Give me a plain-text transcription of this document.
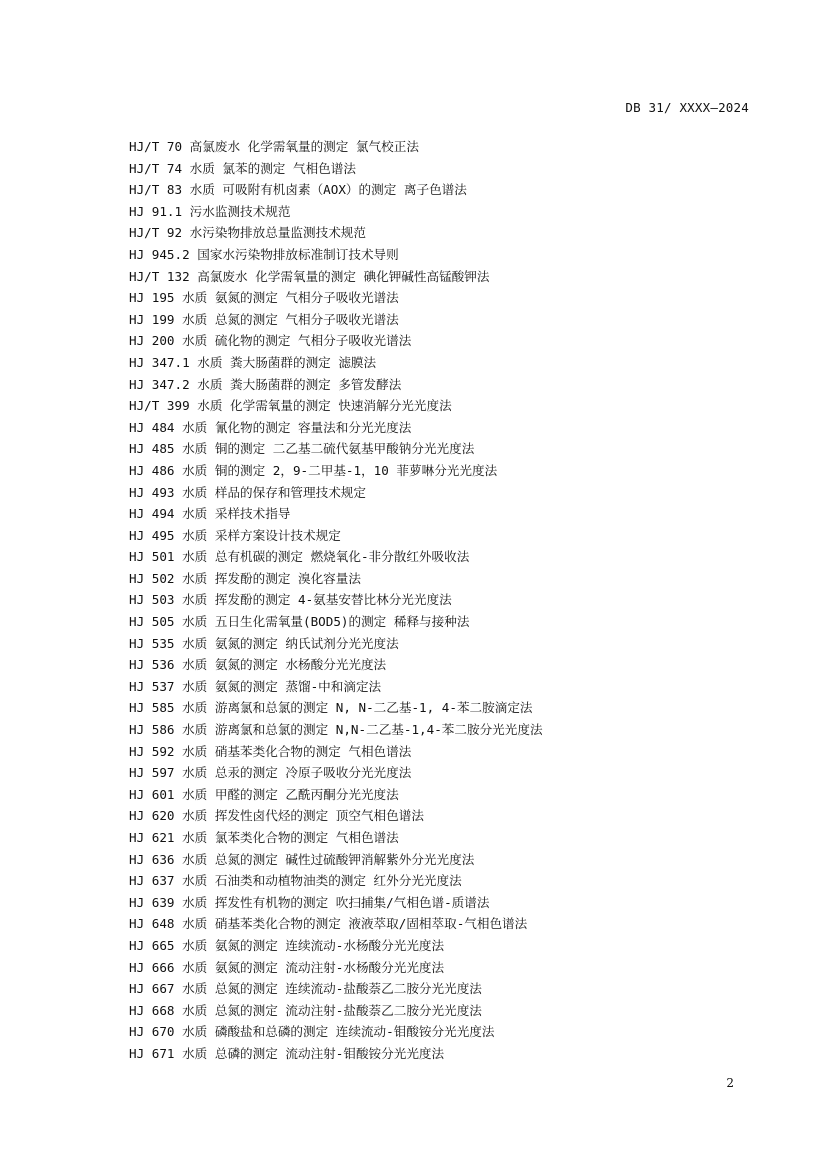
DB 31/ XXXX—2024
HJ/T 70 高氯废水 化学需氧量的测定 氯气校正法
HJ/T 74 水质 氯苯的测定 气相色谱法
HJ/T 83 水质 可吸附有机卤素（AOX）的测定 离子色谱法
HJ 91.1 污水监测技术规范
HJ/T 92 水污染物排放总量监测技术规范
HJ 945.2 国家水污染物排放标准制订技术导则
HJ/T 132 高氯废水 化学需氧量的测定 碘化钾碱性高锰酸钾法
HJ 195 水质 氨氮的测定 气相分子吸收光谱法
HJ 199 水质 总氮的测定 气相分子吸收光谱法
HJ 200 水质 硫化物的测定 气相分子吸收光谱法
HJ 347.1 水质 粪大肠菌群的测定 滤膜法
HJ 347.2 水质 粪大肠菌群的测定 多管发酵法
HJ/T 399 水质 化学需氧量的测定 快速消解分光光度法
HJ 484 水质 氰化物的测定 容量法和分光光度法
HJ 485 水质 铜的测定 二乙基二硫代氨基甲酸钠分光光度法
HJ 486 水质 铜的测定 2，9-二甲基-1，10 菲萝啉分光光度法
HJ 493 水质 样品的保存和管理技术规定
HJ 494 水质 采样技术指导
HJ 495 水质 采样方案设计技术规定
HJ 501 水质 总有机碳的测定 燃烧氧化-非分散红外吸收法
HJ 502 水质 挥发酚的测定 溴化容量法
HJ 503 水质 挥发酚的测定 4-氨基安替比林分光光度法
HJ 505 水质 五日生化需氧量(BOD5)的测定 稀释与接种法
HJ 535 水质 氨氮的测定 纳氏试剂分光光度法
HJ 536 水质 氨氮的测定 水杨酸分光光度法
HJ 537 水质 氨氮的测定 蒸馏-中和滴定法
HJ 585 水质 游离氯和总氯的测定 N, N-二乙基-1, 4-苯二胺滴定法
HJ 586 水质 游离氯和总氯的测定 N,N-二乙基-1,4-苯二胺分光光度法
HJ 592 水质 硝基苯类化合物的测定 气相色谱法
HJ 597 水质 总汞的测定 冷原子吸收分光光度法
HJ 601 水质 甲醛的测定 乙酰丙酮分光光度法
HJ 620 水质 挥发性卤代烃的测定 顶空气相色谱法
HJ 621 水质 氯苯类化合物的测定 气相色谱法
HJ 636 水质 总氮的测定 碱性过硫酸钾消解紫外分光光度法
HJ 637 水质 石油类和动植物油类的测定 红外分光光度法
HJ 639 水质 挥发性有机物的测定 吹扫捕集/气相色谱-质谱法
HJ 648 水质 硝基苯类化合物的测定 液液萃取/固相萃取-气相色谱法
HJ 665 水质 氨氮的测定 连续流动-水杨酸分光光度法
HJ 666 水质 氨氮的测定 流动注射-水杨酸分光光度法
HJ 667 水质 总氮的测定 连续流动-盐酸萘乙二胺分光光度法
HJ 668 水质 总氮的测定 流动注射-盐酸萘乙二胺分光光度法
HJ 670 水质 磷酸盐和总磷的测定 连续流动-钼酸铵分光光度法
HJ 671 水质 总磷的测定 流动注射-钼酸铵分光光度法
2
